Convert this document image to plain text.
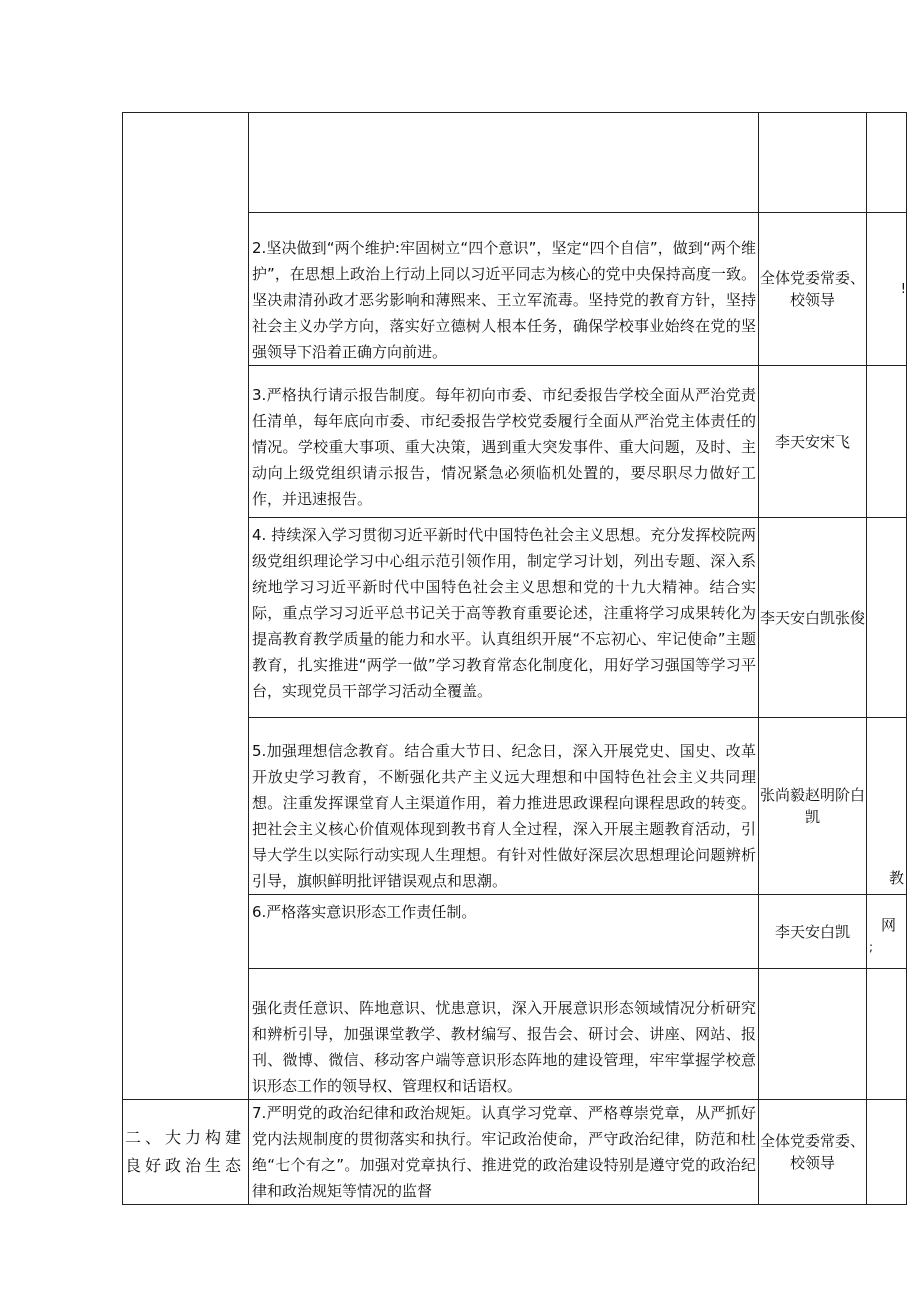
	2.坚决做到“两个维护:牢固树立“四个意识”，坚定“四个自信”，做到“两个维护”，在思想上政治上行动上同以习近平同志为核心的党中央保持高度一致。坚决肃清孙政才恶劣影响和薄熙来、王立军流毒。坚持党的教育方针，坚持社会主义办学方向，落实好立德树人根本任务，确保学校事业始终在党的坚强领导下沿着正确方向前进。	全体党委常委、校领导	!
	3.严格执行请示报告制度。每年初向市委、市纪委报告学校全面从严治党责任清单，每年底向市委、市纪委报告学校党委履行全面从严治党主体责任的情况。学校重大事项、重大决策，遇到重大突发事件、重大问题，及时、主动向上级党组织请示报告，情况紧急必须临机处置的，要尽职尽力做好工作，并迅速报告。	李天安宋飞	
	4. 持续深入学习贯彻习近平新时代中国特色社会主义思想。充分发挥校院两级党组织理论学习中心组示范引领作用，制定学习计划，列出专题、深入系统地学习习近平新时代中国特色社会主义思想和党的十九大精神。结合实际，重点学习习近平总书记关于高等教育重要论述，注重将学习成果转化为提高教育教学质量的能力和水平。认真组织开展“不忘初心、牢记使命”主题教育，扎实推进“两学一做”学习教育常态化制度化，用好学习强国等学习平台，实现党员干部学习活动全覆盖。	李天安白凯张俊	
	5.加强理想信念教育。结合重大节日、纪念日，深入开展党史、国史、改革开放史学习教育，不断强化共产主义远大理想和中国特色社会主义共同理想。注重发挥课堂育人主渠道作用，着力推进思政课程向课程思政的转变。把社会主义核心价值观体现到教书育人全过程，深入开展主题教育活动，引导大学生以实际行动实现人生理想。有针对性做好深层次思想理论问题辨析引导，旗帜鲜明批评错误观点和思潮。	张尚毅赵明阶白凯	教

	6.严格落实意识形态工作责任制。	李天安白凯	网
;

	强化责任意识、阵地意识、忧患意识，深入开展意识形态领域情况分析研究和辨析引导，加强课堂教学、教材编写、报告会、研讨会、讲座、网站、报刊、微博、微信、移动客户端等意识形态阵地的建设管理，牢牢掌握学校意识形态工作的领导权、管理权和话语权。		
二、大力构建良好政治生态	7.严明党的政治纪律和政治规矩。认真学习党章、严格尊崇党章，从严抓好党内法规制度的贯彻落实和执行。牢记政治使命，严守政治纪律，防范和杜绝“七个有之”。加强对党章执行、推进党的政治建设特别是遵守党的政治纪律和政治规矩等情况的监督	全体党委常委、校领导	
